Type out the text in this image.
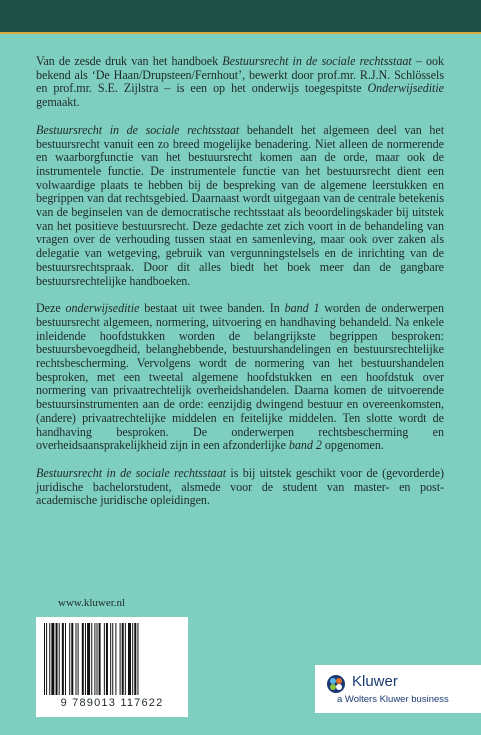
Van de zesde druk van het handboek Bestuursrecht in de sociale rechtsstaat – ook bekend als ‘De Haan/Drupsteen/Fernhout’, bewerkt door prof.mr. R.J.N. Schlössels en prof.mr. S.E. Zijlstra – is een op het onderwijs toegespitste Onderwijseditie gemaakt.

Bestuursrecht in de sociale rechtsstaat behandelt het algemeen deel van het bestuursrecht vanuit een zo breed mogelijke benadering. Niet alleen de normerende en waarborgfunctie van het bestuursrecht komen aan de orde, maar ook de instrumentele functie. De instrumentele functie van het bestuursrecht dient een volwaardige plaats te hebben bij de bespreking van de algemene leerstukken en begrippen van dat rechtsgebied. Daarnaast wordt uitgegaan van de centrale betekenis van de beginselen van de democratische rechtsstaat als beoordelingskader bij uitstek van het positieve bestuursrecht. Deze gedachte zet zich voort in de behandeling van vragen over de verhouding tussen staat en samenleving, maar ook over zaken als delegatie van wetgeving, gebruik van vergunningstelsels en de inrichting van de bestuursrechtspraak. Door dit alles biedt het boek meer dan de gangbare bestuursrechtelijke handboeken.

Deze onderwijseditie bestaat uit twee banden. In band 1 worden de onderwerpen bestuursrecht algemeen, normering, uitvoering en handhaving behandeld. Na enkele inleidende hoofdstukken worden de belangrijkste begrippen besproken: bestuursbevoegdheid, belanghebbende, bestuurshandelingen en bestuursrechtelijke rechtsbescherming. Vervolgens wordt de normering van het bestuurshandelen besproken, met een tweetal algemene hoofdstukken en een hoofdstuk over normering van privaatrechtelijk overheidshandelen. Daarna komen de uitvoerende bestuursinstrumenten aan de orde: eenzijdig dwingend bestuur en overeenkomsten, (andere) privaatrechtelijke middelen en feitelijke middelen. Ten slotte wordt de handhaving besproken. De onderwerpen rechtsbescherming en overheidsaansprakelijkheid zijn in een afzonderlijke band 2 opgenomen.

Bestuursrecht in de sociale rechtsstaat is bij uitstek geschikt voor de (gevorderde) juridische bachelorstudent, alsmede voor de student van master- en post-academische juridische opleidingen.

www.kluwer.nl
9 789013 117622
Kluwer
a Wolters Kluwer business
